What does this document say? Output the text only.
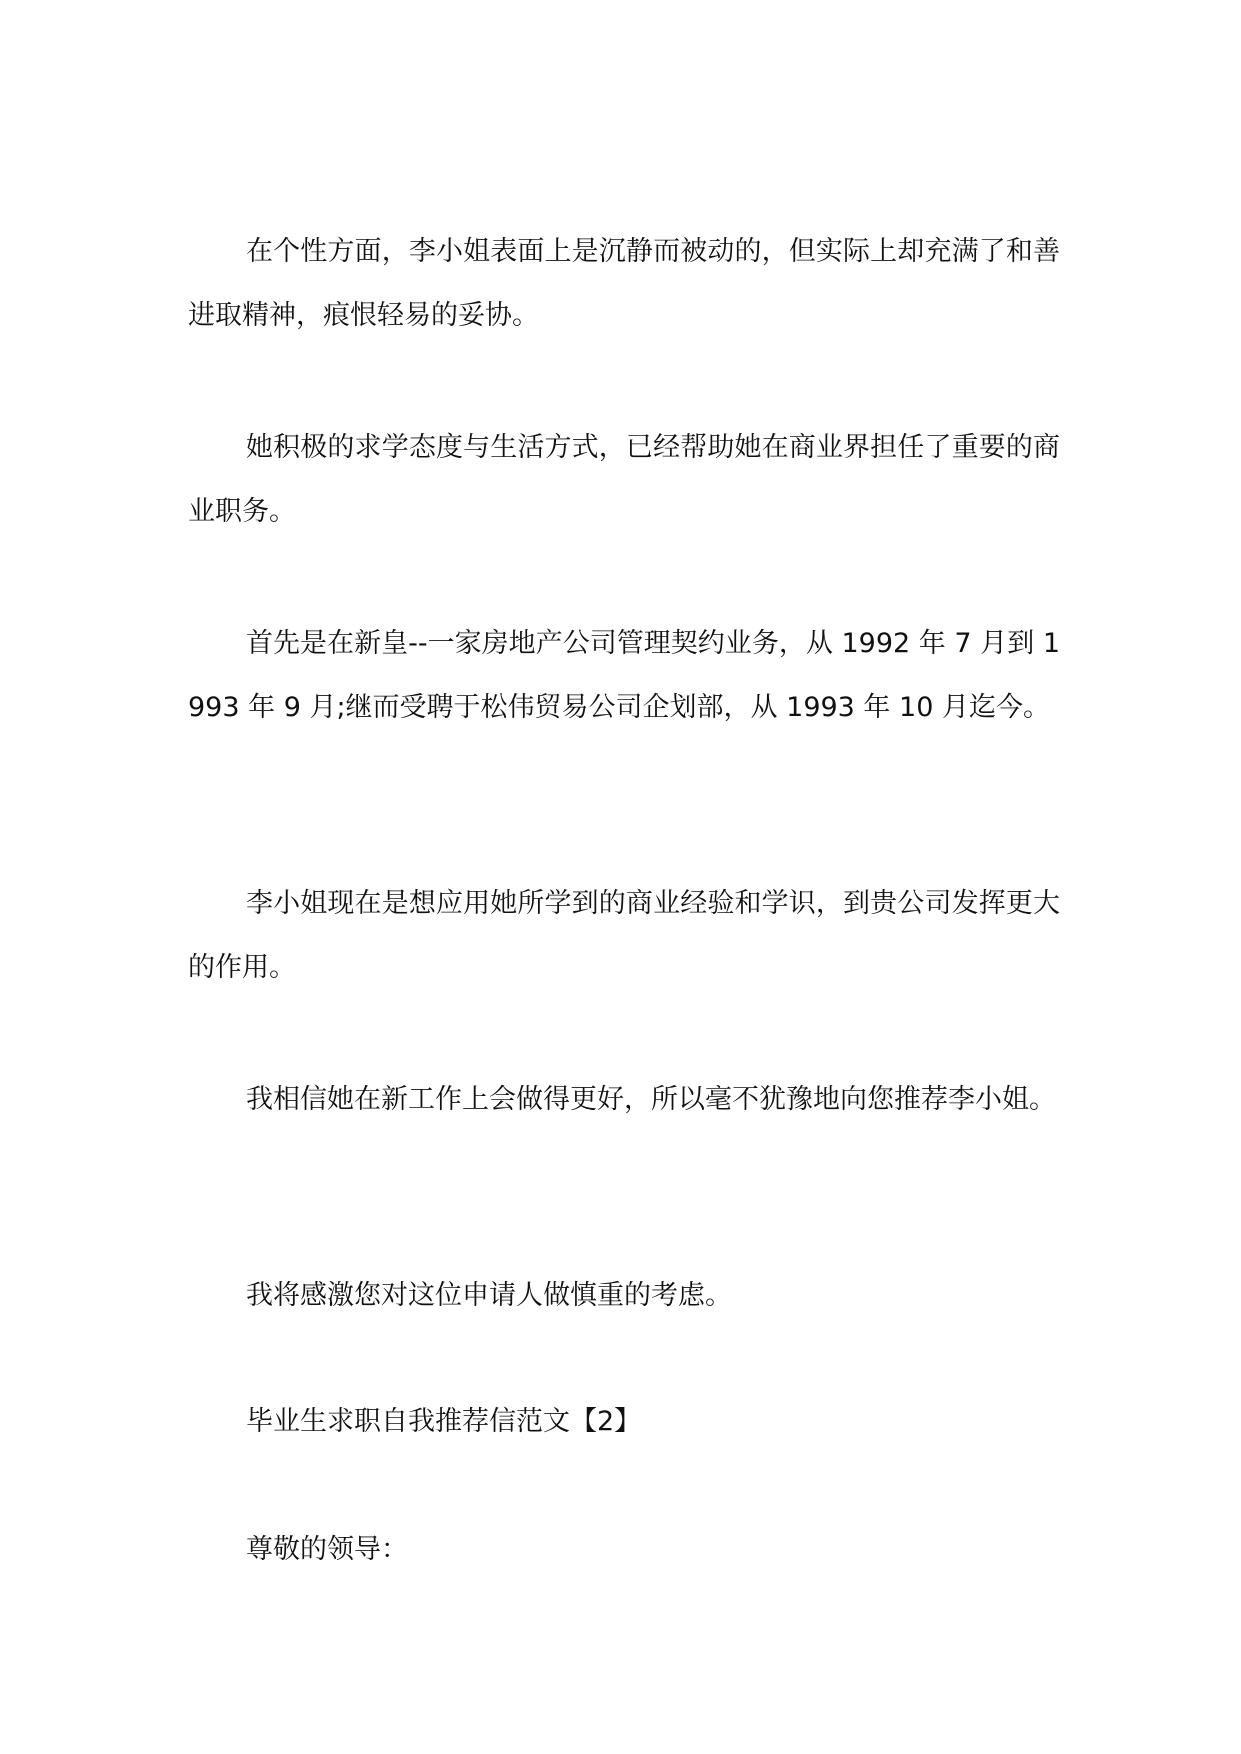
在个性方面，李小姐表面上是沉静而被动的，但实际上却充满了和善进取精神，痕恨轻易的妥协。

她积极的求学态度与生活方式，已经帮助她在商业界担任了重要的商业职务。

首先是在新皇--一家房地产公司管理契约业务，从 1992 年 7 月到 1993 年 9 月;继而受聘于松伟贸易公司企划部，从 1993 年 10 月迄今。

李小姐现在是想应用她所学到的商业经验和学识，到贵公司发挥更大的作用。

我相信她在新工作上会做得更好，所以毫不犹豫地向您推荐李小姐。

我将感激您对这位申请人做慎重的考虑。

毕业生求职自我推荐信范文【2】

尊敬的领导：
